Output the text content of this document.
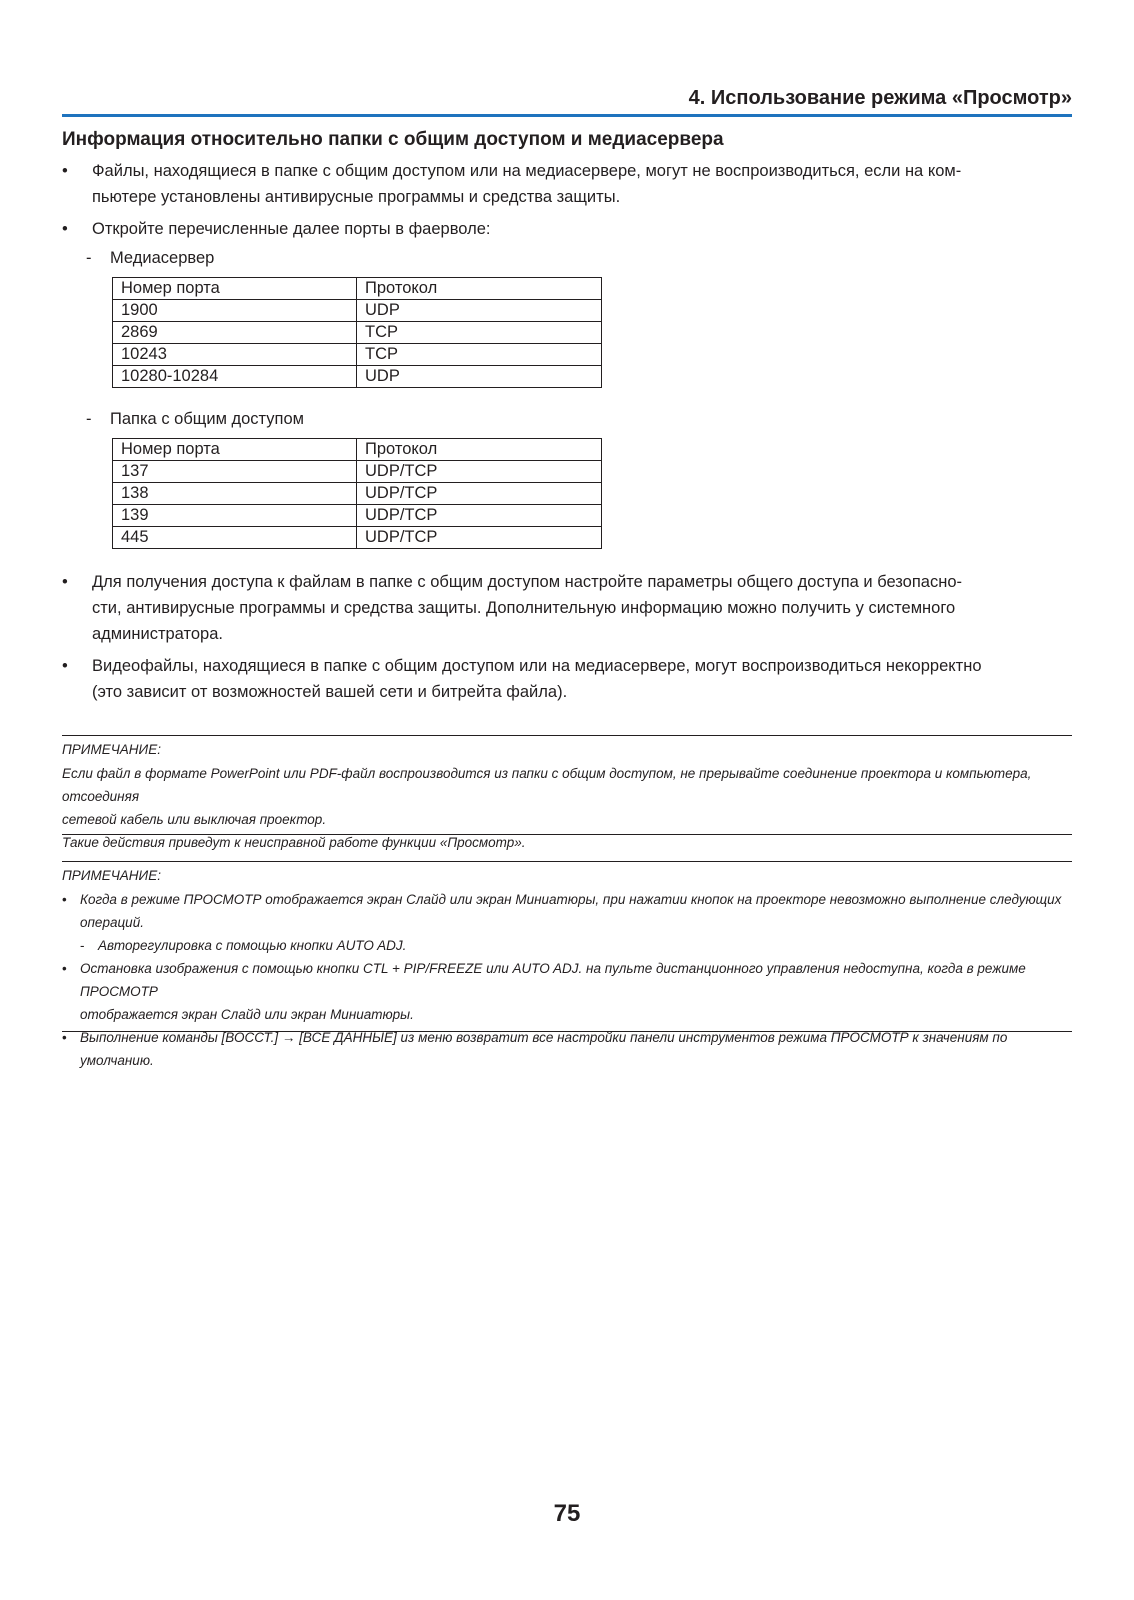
4. Использование режима «Просмотр»
Информация относительно папки с общим доступом и медиасервера
•	Файлы, находящиеся в папке с общим доступом или на медиасервере, могут не воспроизводиться, если на ком-
пьютере установлены антивирусные программы и средства защиты.
•	Откройте перечисленные далее порты в фаерволе:
- Медиасервер
Номер порта	Протокол
1900	UDP
2869	TCP
10243	TCP
10280-10284	UDP
- Папка с общим доступом
Номер порта	Протокол
137	UDP/TCP
138	UDP/TCP
139	UDP/TCP
445	UDP/TCP
•	Для получения доступа к файлам в папке с общим доступом настройте параметры общего доступа и безопасно-
сти, антивирусные программы и средства защиты. Дополнительную информацию можно получить у системного
администратора.
•	Видеофайлы, находящиеся в папке с общим доступом или на медиасервере, могут воспроизводиться некорректно
(это зависит от возможностей вашей сети и битрейта файла).
ПРИМЕЧАНИЕ:
Если файл в формате PowerPoint или PDF-файл воспроизводится из папки с общим доступом, не прерывайте соединение проектора и компьютера, отсоединяя
сетевой кабель или выключая проектор.
Такие действия приведут к неисправной работе функции «Просмотр».
ПРИМЕЧАНИЕ:
• Когда в режиме ПРОСМОТР отображается экран Слайд или экран Миниатюры, при нажатии кнопок на проекторе невозможно выполнение следующих
операций.
- Авторегулировка с помощью кнопки AUTO ADJ.
• Остановка изображения с помощью кнопки CTL + PIP/FREEZE или AUTO ADJ. на пульте дистанционного управления недоступна, когда в режиме ПРОСМОТР
отображается экран Слайд или экран Миниатюры.
• Выполнение команды [ВОССТ.] → [ВСЕ ДАННЫЕ] из меню возвратит все настройки панели инструментов режима ПРОСМОТР к значениям по умолчанию.
75
